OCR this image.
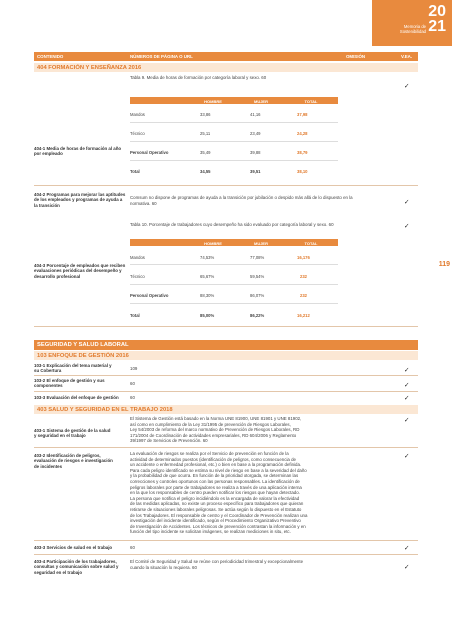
20
21
Memoria de
Sostenibilidad
CONTENIDO	NÚMEROS DE PÁGINA O URL	OMISIÓN	V.EA.
404 FORMACIÓN Y ENSEÑANZA 2016
Tabla 9. Media de horas de formación por categoría laboral y sexo. 60
404-1 Media de horas de formación al año por empleado
✓
HOMBRE	MUJER	TOTAL
Mandos	33,86	41,16	37,98
Técnico	25,11	23,49	24,28
Personal Operativo	35,49	39,88	38,79
Total	34,55	39,51	38,10
404-2 Programas para mejorar las aptitudes de los empleados y programas de ayuda a la transición
Comsum no dispone de programas de ayuda a la transición por jubilación o despido más allá de lo dispuesto en la normativa. 60	✓
Tabla 10. Porcentaje de trabajadores cuyo desempeño ha sido evaluado por categoría laboral y sexo. 60	✓
404-3 Porcentaje de empleados que reciben evaluaciones periódicas del desempeño y desarrollo profesional
HOMBRE	MUJER	TOTAL
Mandos	74,53%	77,08%	16,176
Técnico	65,67%	59,54%	232
Personal Operativo	88,30%	86,07%	232
Total	85,00%	86,22%	16,212
SEGURIDAD Y SALUD LABORAL
103 ENFOQUE DE GESTIÓN 2016
119
103-1 Explicación del tema material y su Cobertura	109	✓
103-2 El enfoque de gestión y sus componentes	60	✓
103-3 Evaluación del enfoque de gestión	60	✓
403 SALUD Y SEGURIDAD EN EL TRABAJO 2018
403-1 Sistema de gestión de la salud y seguridad en el trabajo
El Sistema de Gestión está basado en la Norma UNE 81900, UNE 81901 y UNE 81902,
así como en cumplimiento de la Ley 31/1995 de prevención de Riesgos Laborales,
Ley 54/2003 de reforma del marco normativo de Prevención de Riesgos Laborales, RD
171/2004 de Coordinación de actividades empresariales, RD 604/2006 y Reglamento
39/1997 de Servicios de Prevención. 60
✓
403-2 Identificación de peligros, evaluación de riesgos e investigación de incidentes
La evaluación de riesgos se realiza por el Servicio de prevención en función de la
actividad de determinados puestos (identificación de peligros, como consecuencia de
un accidente o enfermedad profesional, etc.) o bien en base a la programación definida.
Para cada peligro identificado se estima su nivel de riesgo en base a la severidad del daño
y la probabilidad de que ocurra. En función de la prioridad otorgada, se determinan las
correcciones y controles oportunos con las personas responsables. La identificación de
peligros laborales por parte de trabajadores se realiza a través de una aplicación interna
en la que los responsables de centro pueden notificar los riesgos que hayan detectado.
La persona que notifica el peligro incidiéndolo es la encargada de valorar la efectividad
de las medidas aplicadas, no existe un proceso específico para trabajadores que quieran
retirarse de situaciones laborales peligrosas. Se actúa según lo dispuesto en el Estatuto
de los Trabajadores. El responsable de centro y el Coordinador de Prevención realizan una
investigación del incidente identificado, según el Procedimiento Organizativo Preventivo
de Investigación de Accidentes. Los técnicos de prevención contrastan la información y en
función del tipo incidente se solicitan imágenes, se realizan mediciones in situ, etc.
✓
403-3 Servicios de salud en el trabajo	60	✓
403-4 Participación de los trabajadores, consultas y comunicación sobre salud y seguridad en el trabajo
El Comité de Seguridad y Salud se reúne con periodicidad trimestral y excepcionalmente
cuando la situación lo requiera. 60	✓
